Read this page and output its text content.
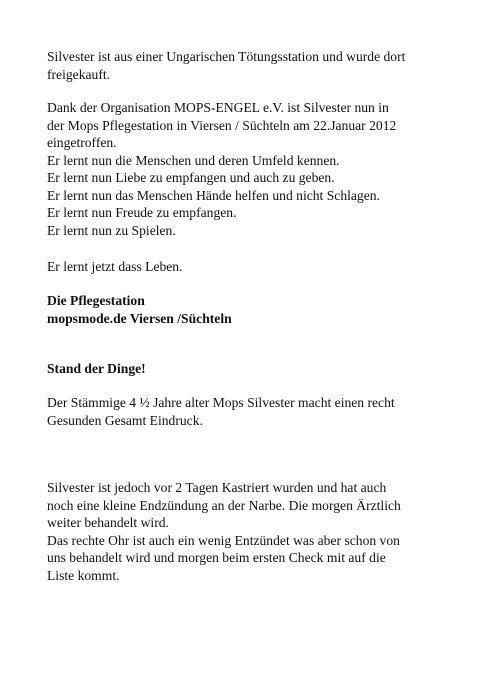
Silvester ist aus einer Ungarischen Tötungsstation und wurde dort
freigekauft.
Dank der Organisation MOPS-ENGEL e.V. ist Silvester nun in
der Mops Pflegestation in Viersen / Süchteln am 22.Januar 2012
eingetroffen.
Er lernt nun die Menschen und deren Umfeld kennen.
Er lernt nun Liebe zu empfangen und auch zu geben.
Er lernt nun das Menschen Hände helfen und nicht Schlagen.
Er lernt nun Freude zu empfangen.
Er lernt nun zu Spielen.
Er lernt jetzt dass Leben.
Die Pflegestation
mopsmode.de Viersen /Süchteln
Stand der Dinge!
Der Stämmige 4 ½ Jahre alter Mops Silvester macht einen recht
Gesunden Gesamt Eindruck.
Silvester ist jedoch vor 2 Tagen Kastriert wurden und hat auch
noch eine kleine Endzündung an der Narbe. Die morgen Ärztlich
weiter behandelt wird.
Das rechte Ohr ist auch ein wenig Entzündet was aber schon von
uns behandelt wird und morgen beim ersten Check mit auf die
Liste kommt.
